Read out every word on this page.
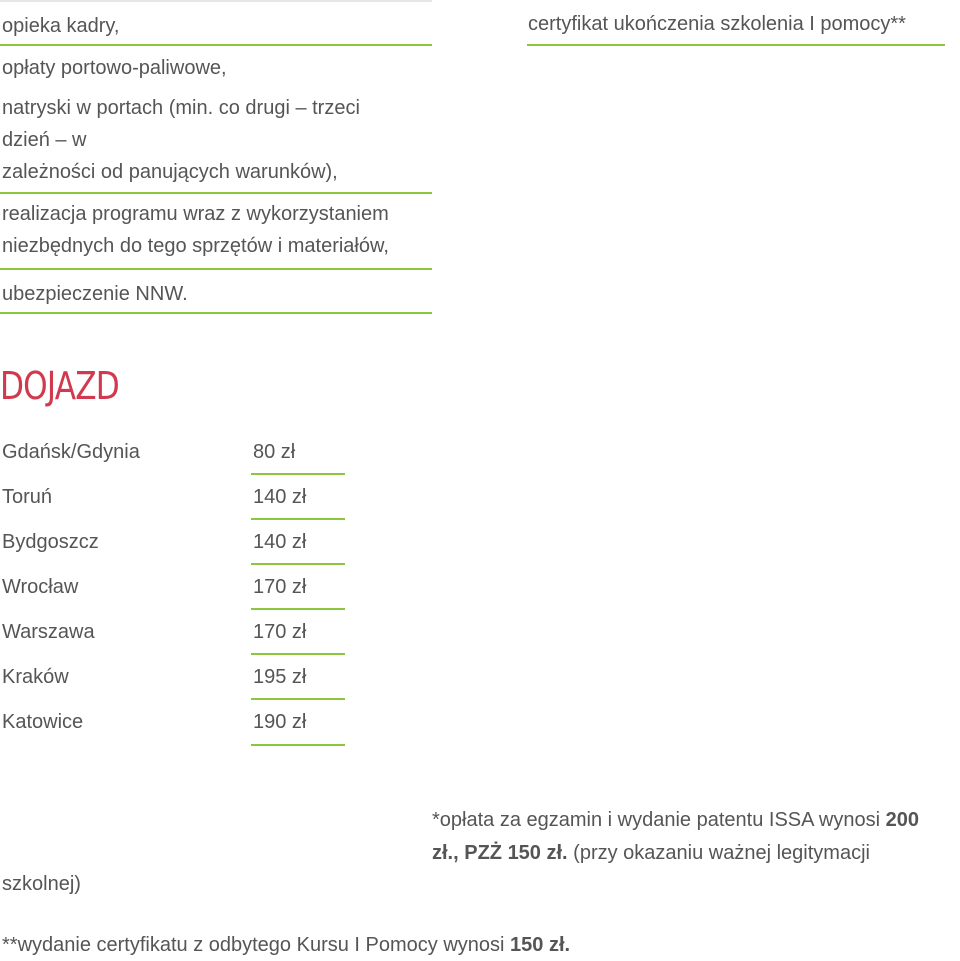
opieka kadry,
opłaty portowo-paliwowe,
natryski w portach (min. co drugi – trzeci
dzień – w
zależności od panujących warunków),
realizacja programu wraz z wykorzystaniem
niezbędnych do tego sprzętów i materiałów,
ubezpieczenie NNW.
certyfikat ukończenia szkolenia I pomocy**
DOJAZD
Gdańsk/Gdynia	80 zł
Toruń	140 zł
Bydgoszcz	140 zł
Wrocław	170 zł
Warszawa	170 zł
Kraków	195 zł
Katowice	190 zł
*opłata za egzamin i wydanie patentu ISSA wynosi 200
zł., PZŻ 150 zł. (przy okazaniu ważnej legitymacji
szkolnej)
**wydanie certyfikatu z odbytego Kursu I Pomocy wynosi 150 zł.
